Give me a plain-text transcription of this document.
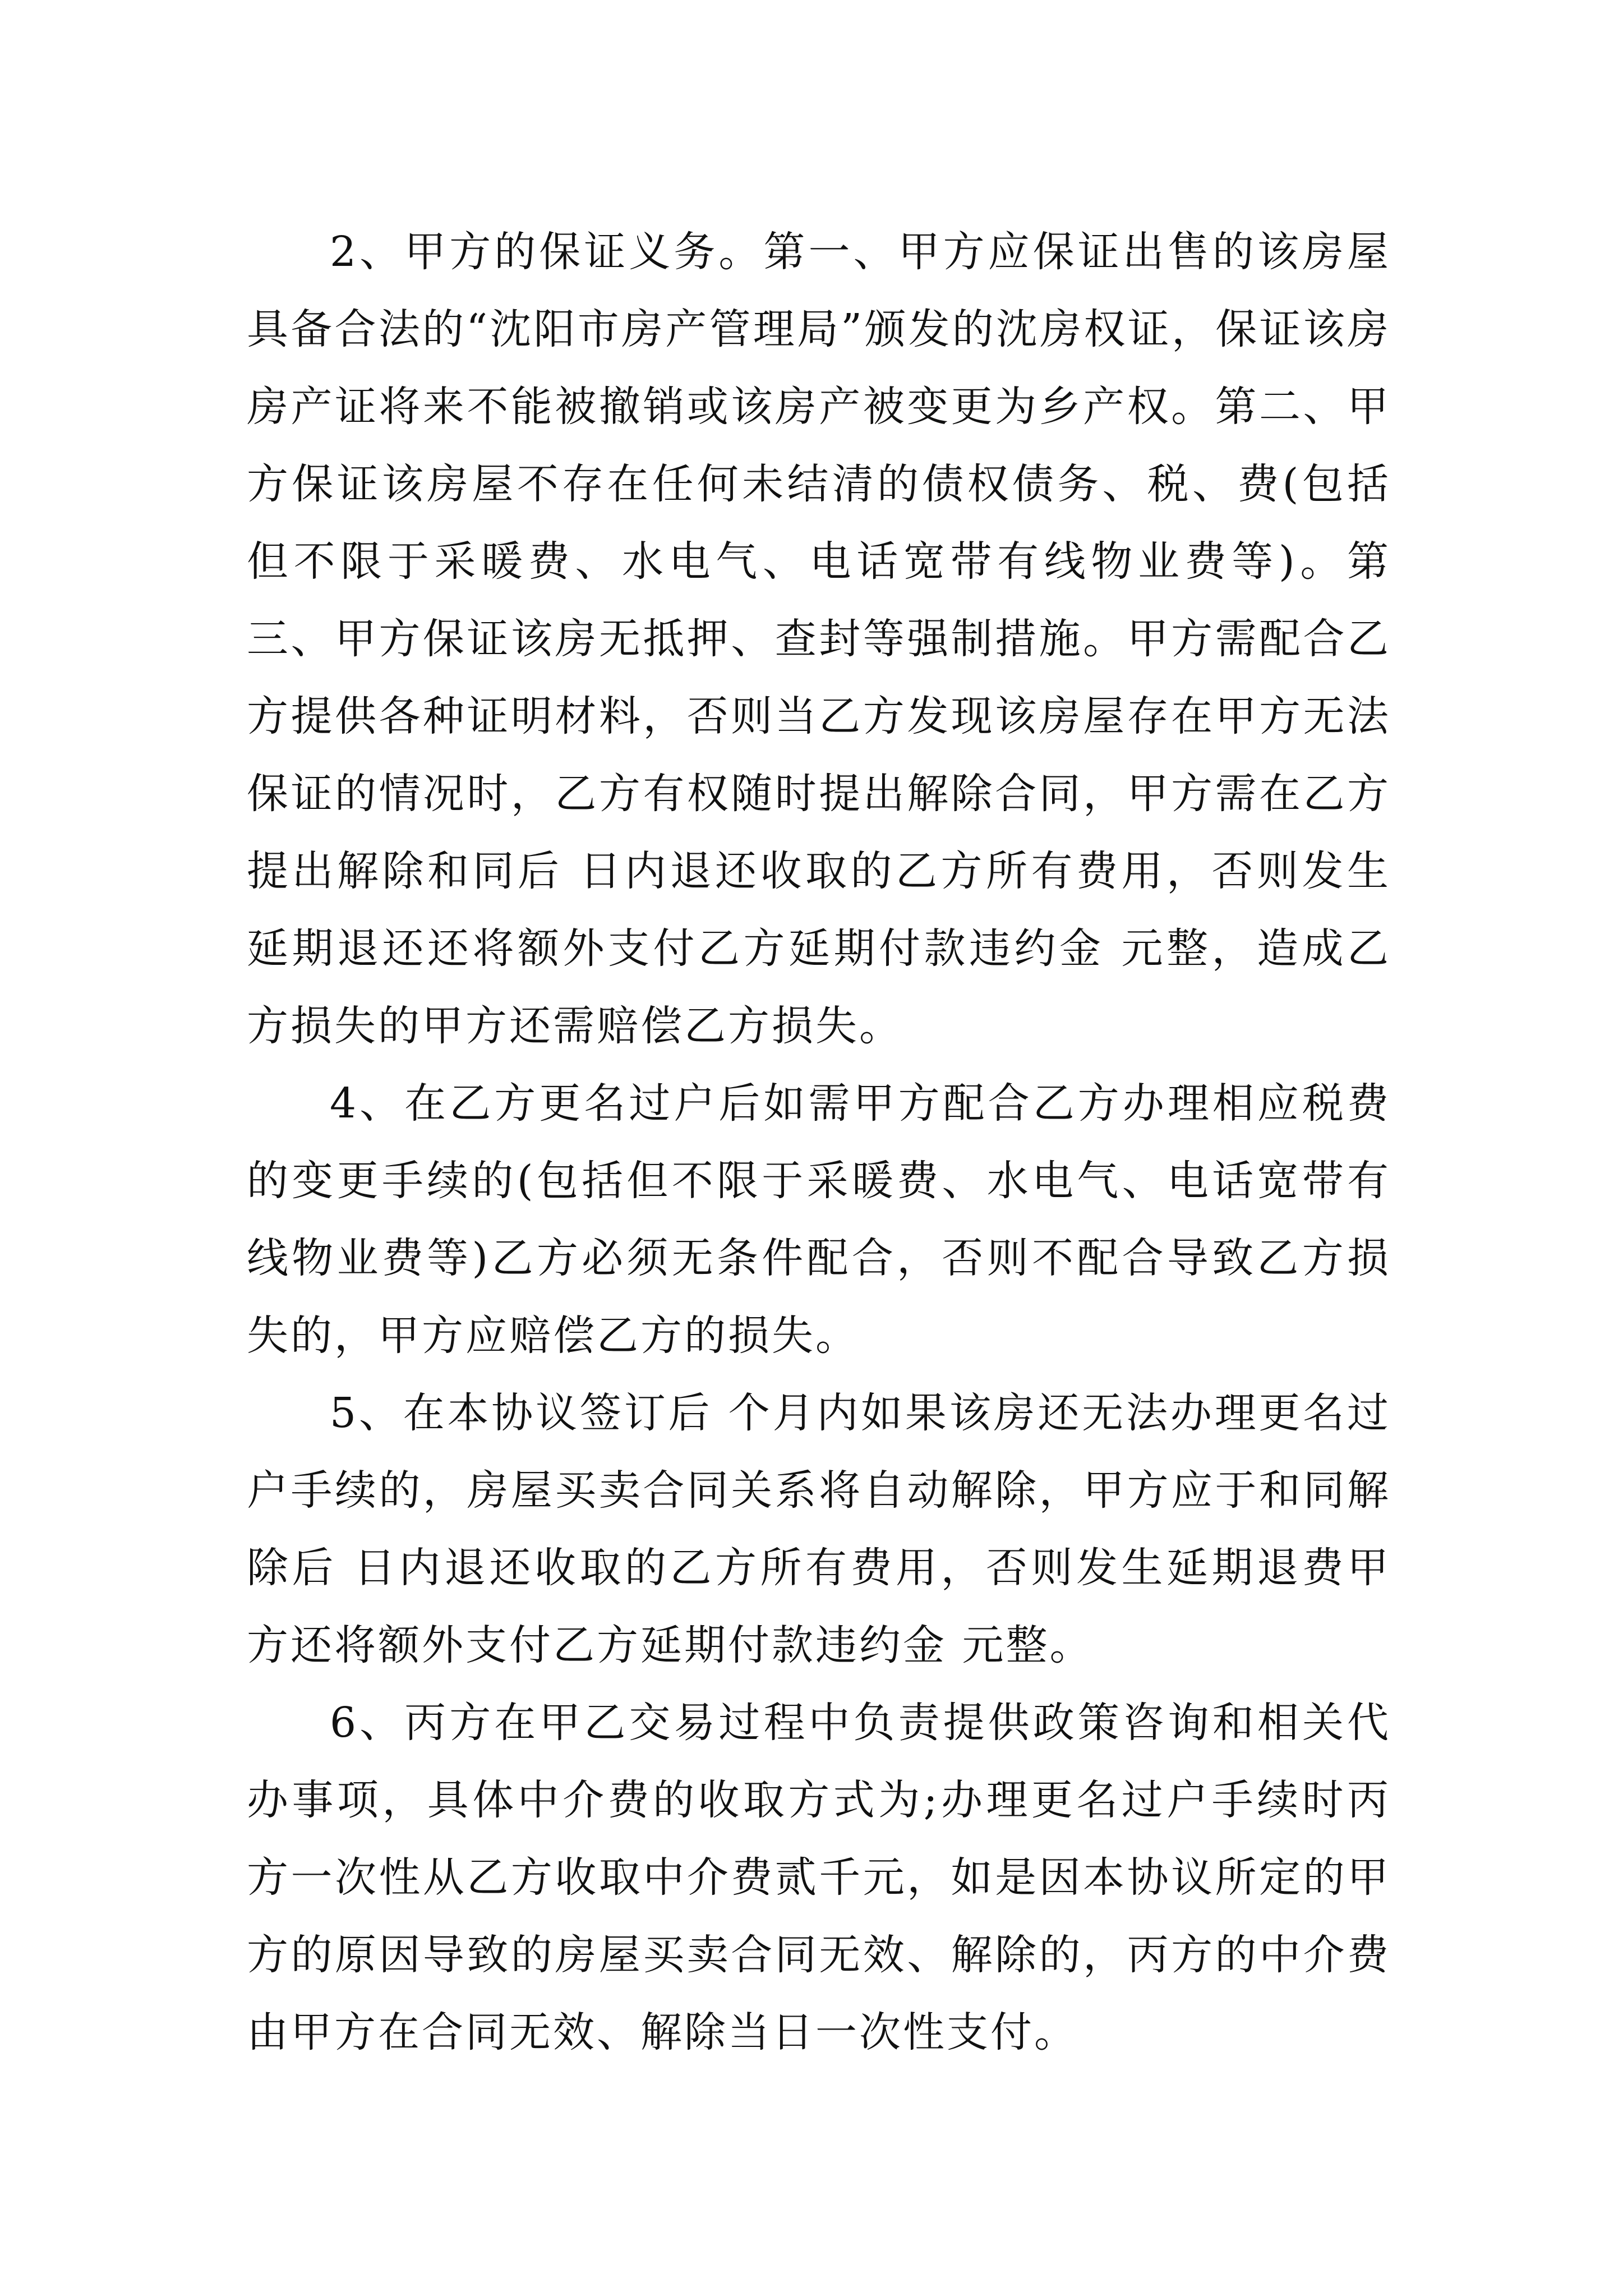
2、甲方的保证义务。第一、甲方应保证出售的该房屋具备合法的“沈阳市房产管理局”颁发的沈房权证，保证该房房产证将来不能被撤销或该房产被变更为乡产权。第二、甲方保证该房屋不存在任何未结清的债权债务、税、费(包括但不限于采暖费、水电气、电话宽带有线物业费等)。第三、甲方保证该房无抵押、查封等强制措施。甲方需配合乙方提供各种证明材料，否则当乙方发现该房屋存在甲方无法保证的情况时，乙方有权随时提出解除合同，甲方需在乙方提出解除和同后 日内退还收取的乙方所有费用，否则发生延期退还还将额外支付乙方延期付款违约金 元整，造成乙方损失的甲方还需赔偿乙方损失。

4、在乙方更名过户后如需甲方配合乙方办理相应税费的变更手续的(包括但不限于采暖费、水电气、电话宽带有线物业费等)乙方必须无条件配合，否则不配合导致乙方损失的，甲方应赔偿乙方的损失。

5、在本协议签订后 个月内如果该房还无法办理更名过户手续的，房屋买卖合同关系将自动解除，甲方应于和同解除后 日内退还收取的乙方所有费用，否则发生延期退费甲方还将额外支付乙方延期付款违约金 元整。

6、丙方在甲乙交易过程中负责提供政策咨询和相关代办事项，具体中介费的收取方式为;办理更名过户手续时丙方一次性从乙方收取中介费贰千元，如是因本协议所定的甲方的原因导致的房屋买卖合同无效、解除的，丙方的中介费由甲方在合同无效、解除当日一次性支付。
